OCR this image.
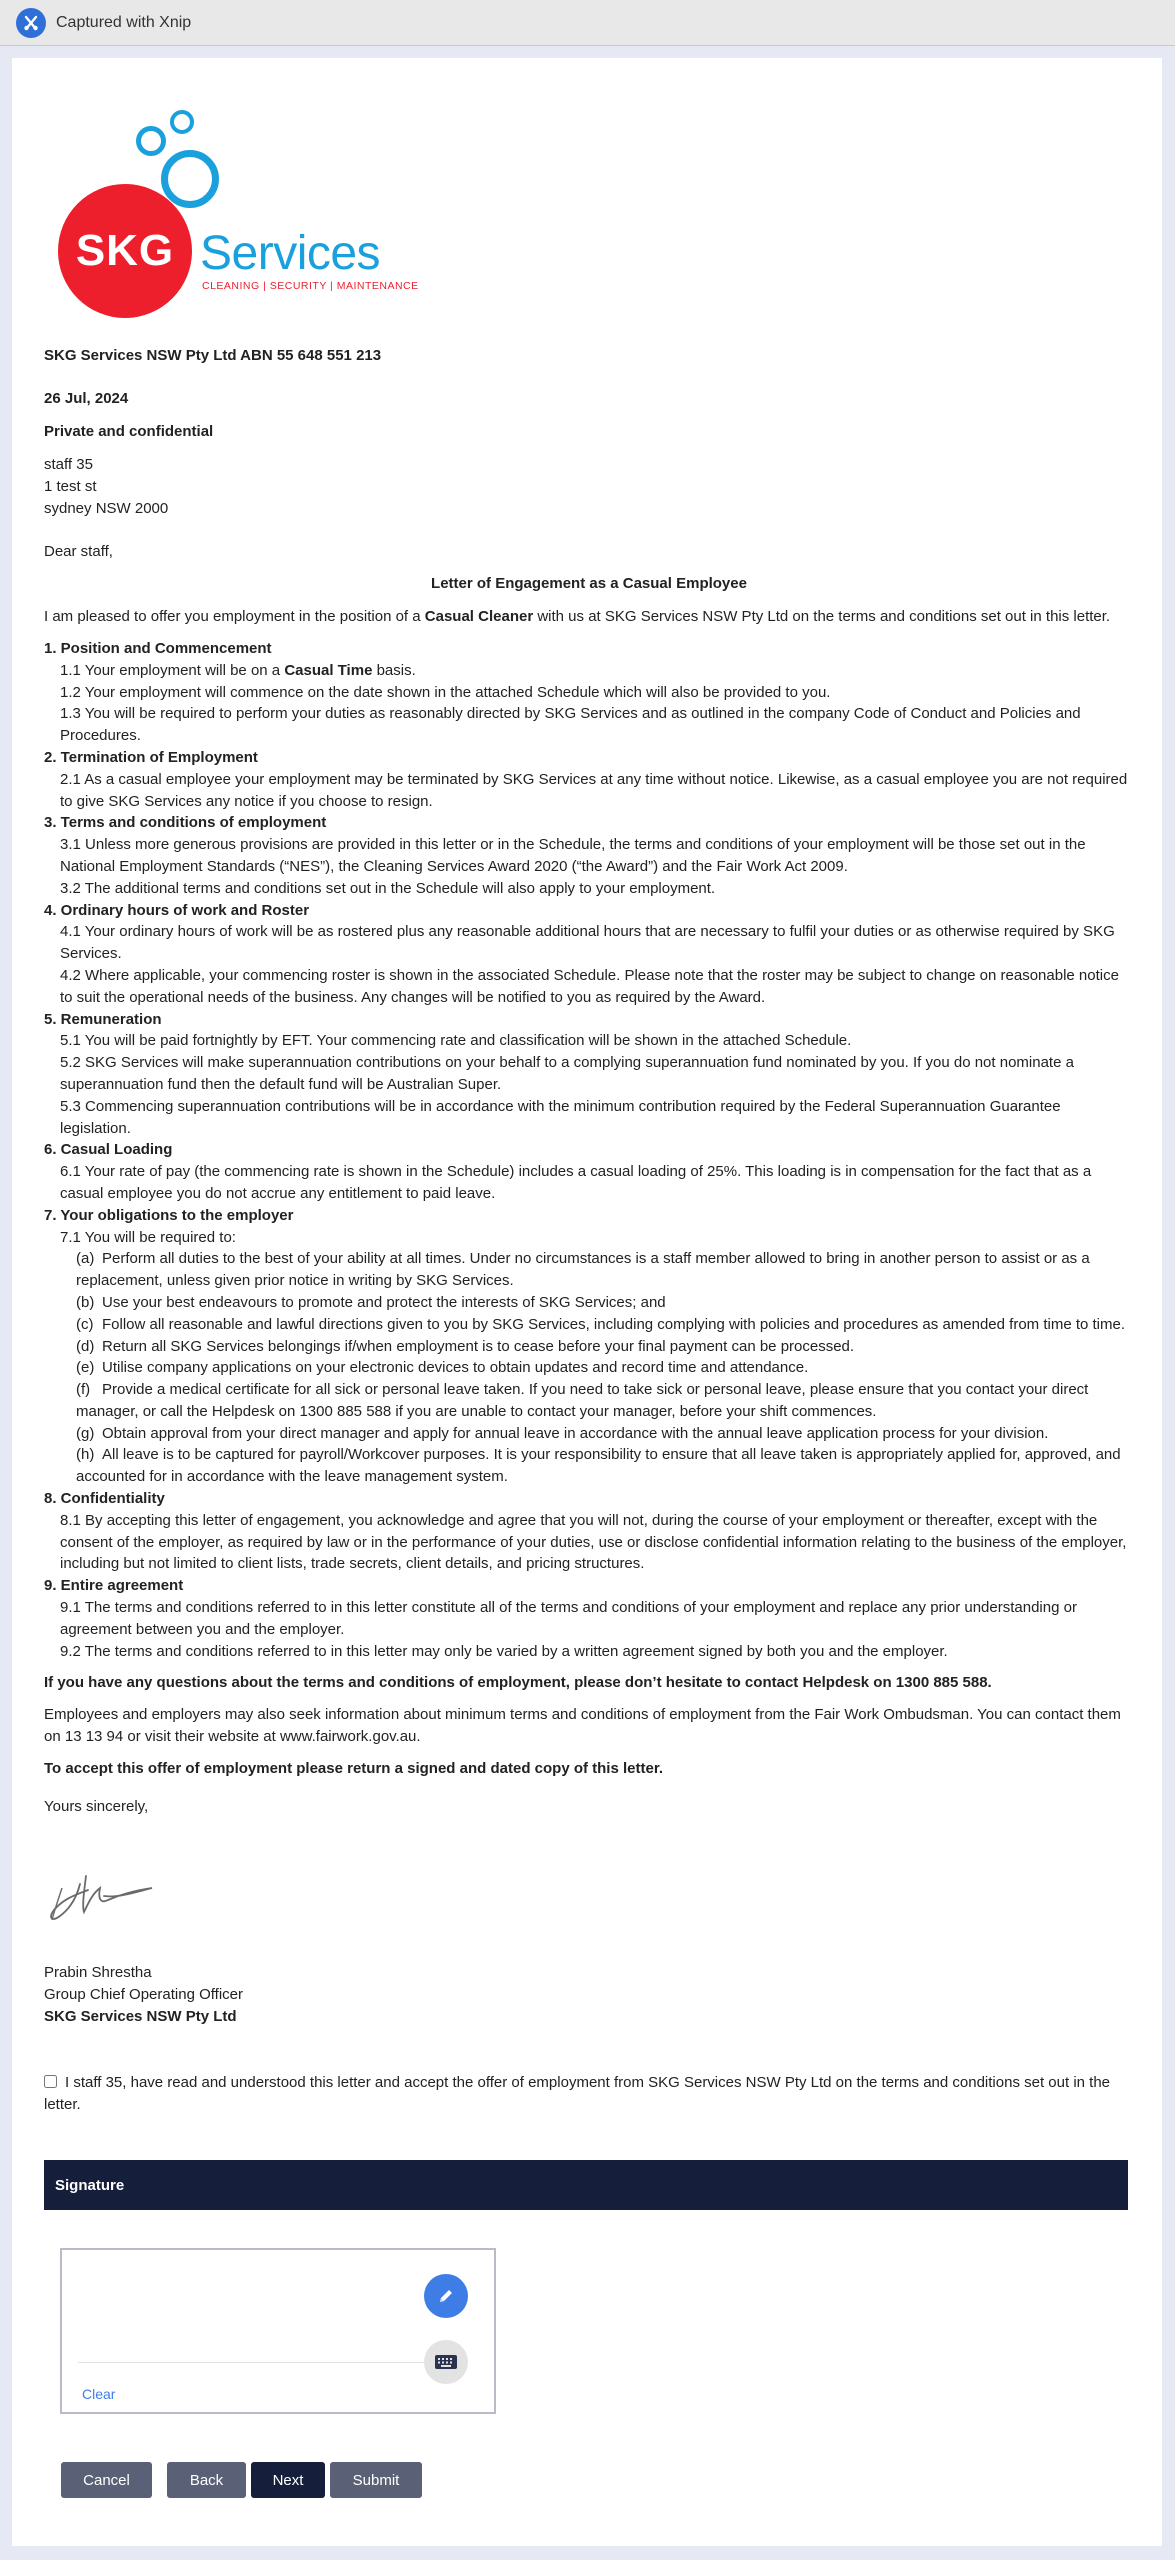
Captured with Xnip
SKG Services
CLEANING | SECURITY | MAINTENANCE

SKG Services NSW Pty Ltd ABN 55 648 551 213

26 Jul, 2024

Private and confidential

staff 35

1 test st

sydney NSW 2000

Dear staff,

Letter of Engagement as a Casual Employee

I am pleased to offer you employment in the position of a Casual Cleaner with us at SKG Services NSW Pty Ltd on the terms and conditions set out in this letter.

1. Position and Commencement

1.1 Your employment will be on a Casual Time basis.

1.2 Your employment will commence on the date shown in the attached Schedule which will also be provided to you.

1.3 You will be required to perform your duties as reasonably directed by SKG Services and as outlined in the company Code of Conduct and Policies and Procedures.

2. Termination of Employment

2.1 As a casual employee your employment may be terminated by SKG Services at any time without notice. Likewise, as a casual employee you are not required to give SKG Services any notice if you choose to resign.

3. Terms and conditions of employment

3.1 Unless more generous provisions are provided in this letter or in the Schedule, the terms and conditions of your employment will be those set out in the National Employment Standards (“NES”), the Cleaning Services Award 2020 (“the Award”) and the Fair Work Act 2009.

3.2 The additional terms and conditions set out in the Schedule will also apply to your employment.

4. Ordinary hours of work and Roster

4.1 Your ordinary hours of work will be as rostered plus any reasonable additional hours that are necessary to fulfil your duties or as otherwise required by SKG Services.

4.2 Where applicable, your commencing roster is shown in the associated Schedule. Please note that the roster may be subject to change on reasonable notice to suit the operational needs of the business. Any changes will be notified to you as required by the Award.

5. Remuneration

5.1 You will be paid fortnightly by EFT. Your commencing rate and classification will be shown in the attached Schedule.

5.2 SKG Services will make superannuation contributions on your behalf to a complying superannuation fund nominated by you. If you do not nominate a superannuation fund then the default fund will be Australian Super.

5.3 Commencing superannuation contributions will be in accordance with the minimum contribution required by the Federal Superannuation Guarantee legislation.

6. Casual Loading

6.1 Your rate of pay (the commencing rate is shown in the Schedule) includes a casual loading of 25%. This loading is in compensation for the fact that as a casual employee you do not accrue any entitlement to paid leave.

7. Your obligations to the employer

7.1 You will be required to:

(a) Perform all duties to the best of your ability at all times. Under no circumstances is a staff member allowed to bring in another person to assist or as a replacement, unless given prior notice in writing by SKG Services.

(b) Use your best endeavours to promote and protect the interests of SKG Services; and

(c) Follow all reasonable and lawful directions given to you by SKG Services, including complying with policies and procedures as amended from time to time.

(d) Return all SKG Services belongings if/when employment is to cease before your final payment can be processed.

(e) Utilise company applications on your electronic devices to obtain updates and record time and attendance.

(f) Provide a medical certificate for all sick or personal leave taken. If you need to take sick or personal leave, please ensure that you contact your direct manager, or call the Helpdesk on 1300 885 588 if you are unable to contact your manager, before your shift commences.

(g) Obtain approval from your direct manager and apply for annual leave in accordance with the annual leave application process for your division.

(h) All leave is to be captured for payroll/Workcover purposes. It is your responsibility to ensure that all leave taken is appropriately applied for, approved, and accounted for in accordance with the leave management system.

8. Confidentiality

8.1 By accepting this letter of engagement, you acknowledge and agree that you will not, during the course of your employment or thereafter, except with the consent of the employer, as required by law or in the performance of your duties, use or disclose confidential information relating to the business of the employer, including but not limited to client lists, trade secrets, client details, and pricing structures.

9. Entire agreement

9.1 The terms and conditions referred to in this letter constitute all of the terms and conditions of your employment and replace any prior understanding or agreement between you and the employer.

9.2 The terms and conditions referred to in this letter may only be varied by a written agreement signed by both you and the employer.

If you have any questions about the terms and conditions of employment, please don’t hesitate to contact Helpdesk on 1300 885 588.

Employees and employers may also seek information about minimum terms and conditions of employment from the Fair Work Ombudsman. You can contact them on 13 13 94 or visit their website at www.fairwork.gov.au.

To accept this offer of employment please return a signed and dated copy of this letter.

Yours sincerely,

Prabin Shrestha

Group Chief Operating Officer

SKG Services NSW Pty Ltd

I staff 35, have read and understood this letter and accept the offer of employment from SKG Services NSW Pty Ltd on the terms and conditions set out in the letter.
Signature
Clear
Cancel	Back	Next	Submit
